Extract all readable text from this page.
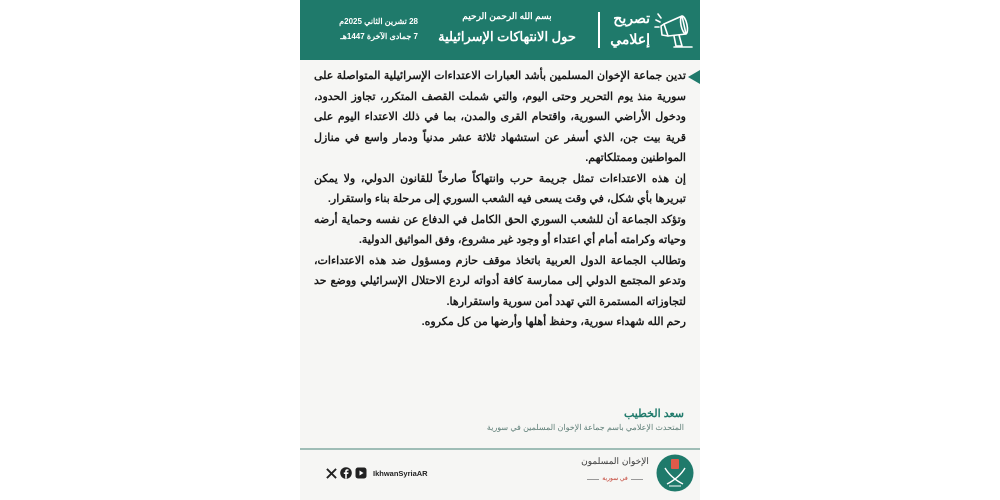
28 تشرين الثاني 2025م
7 جمادى الآخرة 1447هـ
بسم الله الرحمن الرحيم
حول الانتهاكات الإسرائيلية
تصريح
إعلامي

تدين جماعة الإخوان المسلمين بأشد العبارات الاعتداءات الإسرائيلية المتواصلة على سورية منذ يوم التحرير وحتى اليوم، والتي شملت القصف المتكرر، تجاوز الحدود، ودخول الأراضي السورية، واقتحام القرى والمدن، بما في ذلك الاعتداء اليوم على قرية بيت جن، الذي أسفر عن استشهاد ثلاثة عشر مدنياً ودمار واسع في منازل المواطنين وممتلكاتهم.

إن هذه الاعتداءات تمثل جريمة حرب وانتهاكاً صارخاً للقانون الدولي، ولا يمكن تبريرها بأي شكل، في وقت يسعى فيه الشعب السوري إلى مرحلة بناء واستقرار.

وتؤكد الجماعة أن للشعب السوري الحق الكامل في الدفاع عن نفسه وحماية أرضه وحياته وكرامته أمام أي اعتداء أو وجود غير مشروع، وفق المواثيق الدولية.

وتطالب الجماعة الدول العربية باتخاذ موقف حازم ومسؤول ضد هذه الاعتداءات، وتدعو المجتمع الدولي إلى ممارسة كافة أدواته لردع الاحتلال الإسرائيلي ووضع حد لتجاوزاته المستمرة التي تهدد أمن سورية واستقرارها.

رحم الله شهداء سورية، وحفظ أهلها وأرضها من كل مكروه.

سعد الخطيب
المتحدث الإعلامي باسم جماعة الإخوان المسلمين في سورية
IkhwanSyriaAR
الإخوان المسلمون
في سورية
